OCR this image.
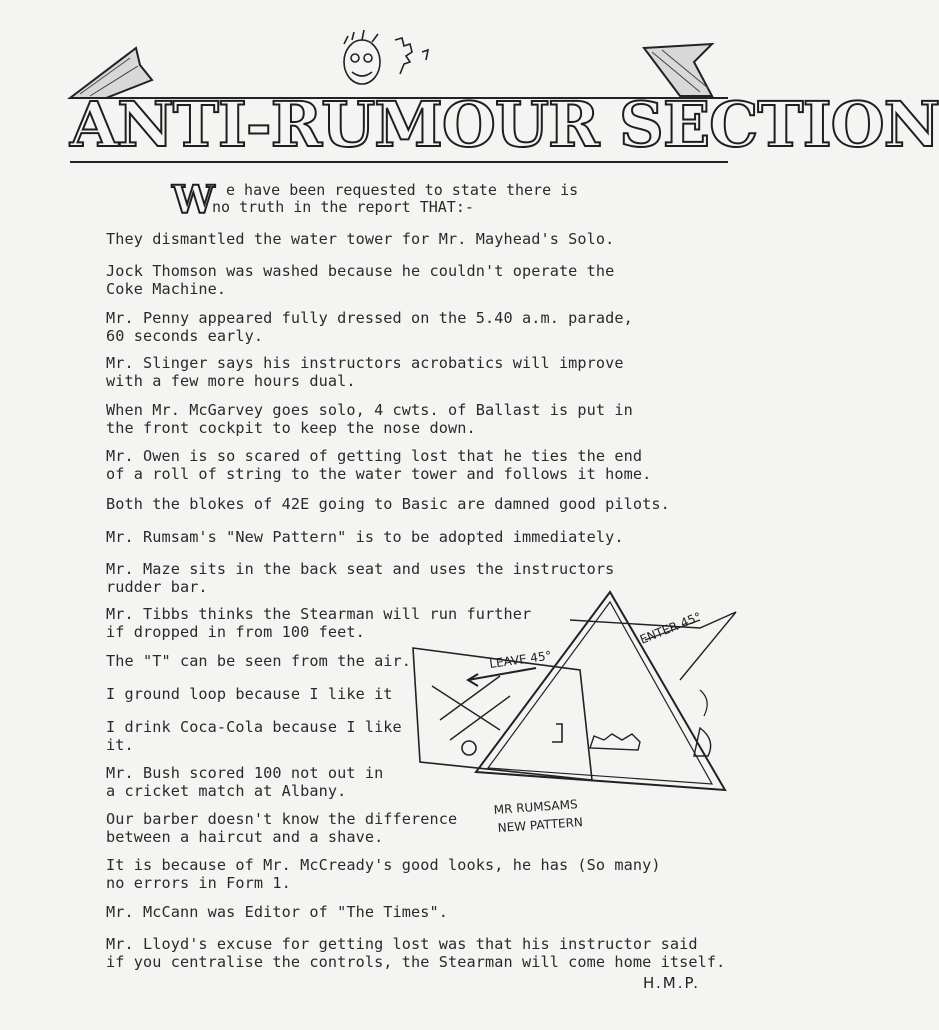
ANTI-RUMOUR SECTION
W e have been requested to state there is
no truth in the report THAT:-
They dismantled the water tower for Mr. Mayhead's Solo.
Jock Thomson was washed because he couldn't operate the
Coke Machine.
Mr. Penny appeared fully dressed on the 5.40 a.m. parade,
60 seconds early.
Mr. Slinger says his instructors acrobatics will improve
with a few more hours dual.
When Mr. McGarvey goes solo, 4 cwts. of Ballast is put in
the front cockpit to keep the nose down.
Mr. Owen is so scared of getting lost that he ties the end
of a roll of string to the water tower and follows it home.
Both the blokes of 42E going to Basic are damned good pilots.
Mr. Rumsam's "New Pattern" is to be adopted immediately.
Mr. Maze sits in the back seat and uses the instructors
rudder bar.
Mr. Tibbs thinks the Stearman will run further
if dropped in from 100 feet.
The "T" can be seen from the air.
I ground loop because I like it
I drink Coca-Cola because I like
it.
Mr. Bush scored 100 not out in
a cricket match at Albany.
Our barber doesn't know the difference
between a haircut and a shave.
It is because of Mr. McCready's good looks, he has (So many)
no errors in Form 1.
Mr. McCann was Editor of "The Times".
Mr. Lloyd's excuse for getting lost was that his instructor said
if you centralise the controls, the Stearman will come home itself.
ENTER 45°
LEAVE 45°
MR RUMSAMS
NEW PATTERN
H.M.P.
